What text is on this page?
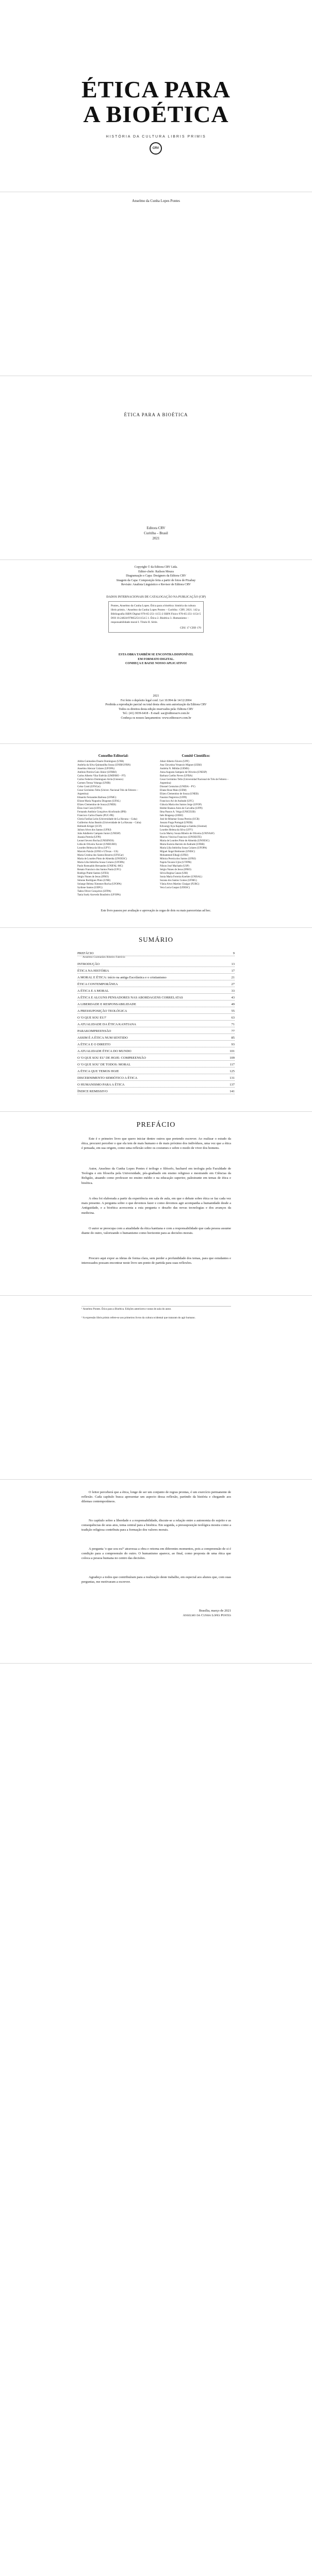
ÉTICA PARA
A BIOÉTICA
HISTÓRIA DA CULTURA LIBRIS PRIMIS
CRV
Anselmo da Cunha Lopes Pontes
ÉTICA PARA A BIOÉTICA
Editora CRV
Curitiba – Brasil
2021
Copyright © da Editora CRV Ltda.
Editor-chefe: Railson Moura
Diagramação e Capa: Designers da Editora CRV
Imagem da Capa: Composição feita a partir de fotos de Pixabay
Revisão: Analista Linguístico e Revisor de Editora CRV
DADOS INTERNACIONAIS DE CATALOGAÇÃO NA PUBLICAÇÃO (CIP)
Pontes, Anselmo da Cunha Lopes. Ética para a bioética: história da cultura libris primis. / Anselmo da Cunha Lopes Pontes – Curitiba : CRV, 2021. 142 p. Bibliografia ISBN Digital 978-65-251-1155-2 ISBN Físico 978-65-251-1154-5 DOI 10.24824/978652511154.5 1. Ética 2. Bioética 3. Humanismo – responsabilidade moral I. Título II. Série.
CDU 17 CDD 170
ESTA OBRA TAMBÉM SE ENCONTRA DISPONÍVEL
EM FORMATO DIGITAL.
CONHEÇA E BAIXE NOSSO APLICATIVO!
2021
Foi feito o depósito legal conf. Lei 10.994 de 14/12/2004
Proibida a reprodução parcial ou total desta obra sem autorização da Editora CRV
Todos os direitos desta edição reservados pela: Editora CRV
Tel.: (41) 3039-6418 - E-mail: sac@editoracrv.com.br
Conheça os nossos lançamentos: www.editoracrv.com.br
Conselho Editorial:
Aldira Guimarães Duarte Domínguez (UNB)
Andréia da Silva Quintanilha Sousa (UNIR/UFRN)
Anselmo Alencar Colares (UFOPA)
Antônio Pereira Gaio Júnior (UFRRJ)
Carlos Alberto Vilar Estêvão (UMINHO – PT)
Carlos Federico Dominguez Avila (Unieuro)
Carmen Tereza Velanga (UNIR)
Celso Conti (UFSCar)
Cesar Gerónimo Tello (Univer. Nacional Três de Febrero – Argentina)
Eduardo Fernandes Barbosa (UFMG)
Elione Maria Nogueira Diogenes (UFAL)
Elizeu Clementino de Souza (UNEB)
Élsio José Corá (UFFS)
Fernando Antônio Gonçalves Alcoforado (IPB)
Francisco Carlos Duarte (PUC-PR)
Gloria Fariñas León (Universidade de La Havana – Cuba)
Guillermo Arias Beatón (Universidade de La Havana – Cuba)
Helmuth Krüger (UCP)
Jailson Alves dos Santos (UFRJ)
João Adalberto Campato Junior (UNESP)
Josania Portela (UFPI)
Leonel Severo Rocha (UNISINOS)
Lídia de Oliveira Xavier (UNIEURO)
Lourdes Helena da Silva (UFV)
Marcelo Paixão (UFRJ e UTexas – US)
Maria Cristina dos Santos Bezerra (UFSCar)
Maria de Lourdes Pinto de Almeida (UNOESC)
Maria Lília Imbiriba Sousa Colares (UFOPA)
Paulo Romualdo Hernandes (UNIFAL-MG)
Renato Francisco dos Santos Paula (UFG)
Rodrigo Pratte-Santos (UFES)
Sérgio Nunes de Jesus (IFRO)
Simone Rodrigues Pinto (UNB)
Solange Helena Ximenes-Rocha (UFOPA)
Sydione Santos (UEPG)
Tadeu Oliver Gonçalves (UFPA)
Tania Suely Azevedo Brasileiro (UFOPA)
Comitê Científico:
Altair Alberto Fávero (UPF)
Ana Chrystina Venancio Mignot (UERJ)
Andréia N. Militão (UEMS)
Anna Augusta Sampaio de Oliveira (UNESP)
Barbara Coelho Neves (UFBA)
Cesar Gerónimo Tello (Universidad Nacional de Três de Febrero – Argentina)
Diosnel Centurion (UNIDA – PY)
Eliane Rose Maio (UEM)
Elizeu Clementino de Souza (UNEB)
Fauston Negreiros (UFPI)
Francisco Ari de Andrade (UFC)
Gláucia Maria dos Santos Jorge (UFOP)
Helder Buenos Aires de Carvalho (UFPI)
Ilma Passos A. Veiga (UNICEUB)
Inês Bragança (UERJ)
José de Ribamar Sousa Pereira (UCB)
Jussara Fraga Portugal (UNEB)
Kilwangy Kya Kapitango-a-Samba (Unemat)
Lourdes Helena da Silva (UFV)
Lucia Marisy Souza Ribeiro de Oliveira (UNIVASF)
Marcos Vinicius Francisco (UNOESTE)
Maria de Lourdes Pinto de Almeida (UNOESC)
Maria Eurácia Barreto de Andrade (UFRB)
Maria Lília Imbiriba Sousa Colares (UFOPA)
Míguel Ángel Belmonte (UNISC)
Mohammed Elhajji (UFRJ)
Mônica Pereira dos Santos (UFRJ)
Najela Tavares Ujiie (UTFPR)
Nilson José Machado (USP)
Sérgio Nunes de Jesus (IFRO)
Silvia Regina Canan (URI)
Sonia Maria Ferreira Koehler (UNISAL)
Suzana dos Santos Gomes (UFMG)
Vânia Alves Martins Chaigar (FURG)
Vera Lucia Gaspar (UDESC)
Este livro passou por avaliação e aprovação às cegas de dois ou mais pareceristas ad hoc.
SUMÁRIO
PREFÁCIO	9
Anselmo Guimarães Ribeiro Fabrício
INTRODUÇÃO	13
ÉTICA NA HISTÓRIA	17
A MORAL E ÉTICA: início na antiga Escolástica e o cristianismo	21
ÉTICA CONTEMPORÂNEA	27
A ÉTICA E A MORAL	33
A ÉTICA E ALGUNS PENSADORES NAS ABORDAGENS CORRELATAS	43
A LIBERDADE E RESPONSABILIDADE	49
A PRESSUPOSIÇÃO TEOLÓGICA	55
O 'O QUE SOU EU?'	63
A ATUALIDADE DA ÉTICA KANTIANA	71
PARAKOMPREENSÃO	77
ASSIM É A ÉTICA NUM SENTIDO	85
A ÉTICA E O DIREITO	93
A ATUALIDADE ÉTICA DO MUNDO	101
O 'O QUE SOU EU' DE HOJE: COMPREENSÃO	109
O 'O QUE SOU' DE TODOS: MORAL	117
A ÉTICA QUE TEMOS HOJE	125
DISCERNIMENTO SEMIÓTICO A ÉTICA	131
O HUMANISMO PARA A ÉTICA	137
ÍNDICE REMISSIVO	141
PREFÁCIO
Este é o primeiro livro que quero iniciar dentre outros que pretendo escrever. Ao realizar o estudo da ética, procurei perceber o que ela tem de mais humano e de mais próximo dos indivíduos, uma vez que a ética é pensada, em sua origem, como uma reflexão sobre os costumes e sobre o modo de viver dos homens.
Autor, Anselmo da Cunha Lopes Pontes é teólogo e filósofo, bacharel em teologia pela Faculdade de Teologia e em filosofia pela Universidade, pós-graduado em ensino religioso e mestrando em Ciências da Religião, atuando como professor no ensino médio e na educação superior, palestrante em temas de ética e bioética.
A obra foi elaborada a partir da experiência em sala de aula, em que o debate sobre ética se faz cada vez mais presente. A pergunta sobre o que devemos fazer e como devemos agir acompanha a humanidade desde a Antiguidade, e a bioética acrescenta a esta pergunta o desafio das novas tecnologias e dos avanços da medicina.
O autor se preocupa com a atualidade da ética kantiana e com a responsabilidade que cada pessoa assume diante do outro, valorizando o humanismo como horizonte para as decisões morais.
Procuro aqui expor as ideias de forma clara, sem perder a profundidade dos temas, para que estudantes e interessados possam encontrar neste livro um ponto de partida para suas reflexões.
¹ Anselmo Pontes. Ética para a Bioética. Edições anteriores e notas de aula do autor.
² A expressão libris primis refere-se aos primeiros livros da cultura ocidental que trataram do agir humano.
O leitor perceberá que a ética, longe de ser um conjunto de regras prontas, é um exercício permanente de reflexão. Cada capítulo busca apresentar um aspecto dessa reflexão, partindo da história e chegando aos dilemas contemporâneos.
No capítulo sobre a liberdade e a responsabilidade, discute-se a relação entre a autonomia do sujeito e as consequências de seus atos, tema central para a bioética. Em seguida, a pressuposição teológica mostra como a tradição religiosa contribuiu para a formação dos valores morais.
A pergunta 'o que sou eu?' atravessa a obra e retorna em diferentes momentos, pois a compreensão de si é condição para a compreensão do outro. O humanismo aparece, ao final, como proposta de uma ética que coloca a pessoa humana no centro das decisões.
Agradeço a todos que contribuíram para a realização deste trabalho, em especial aos alunos que, com suas perguntas, me motivaram a escrever.
Brasília, março de 2021
Anselmo da Cunha Lopes Pontes
